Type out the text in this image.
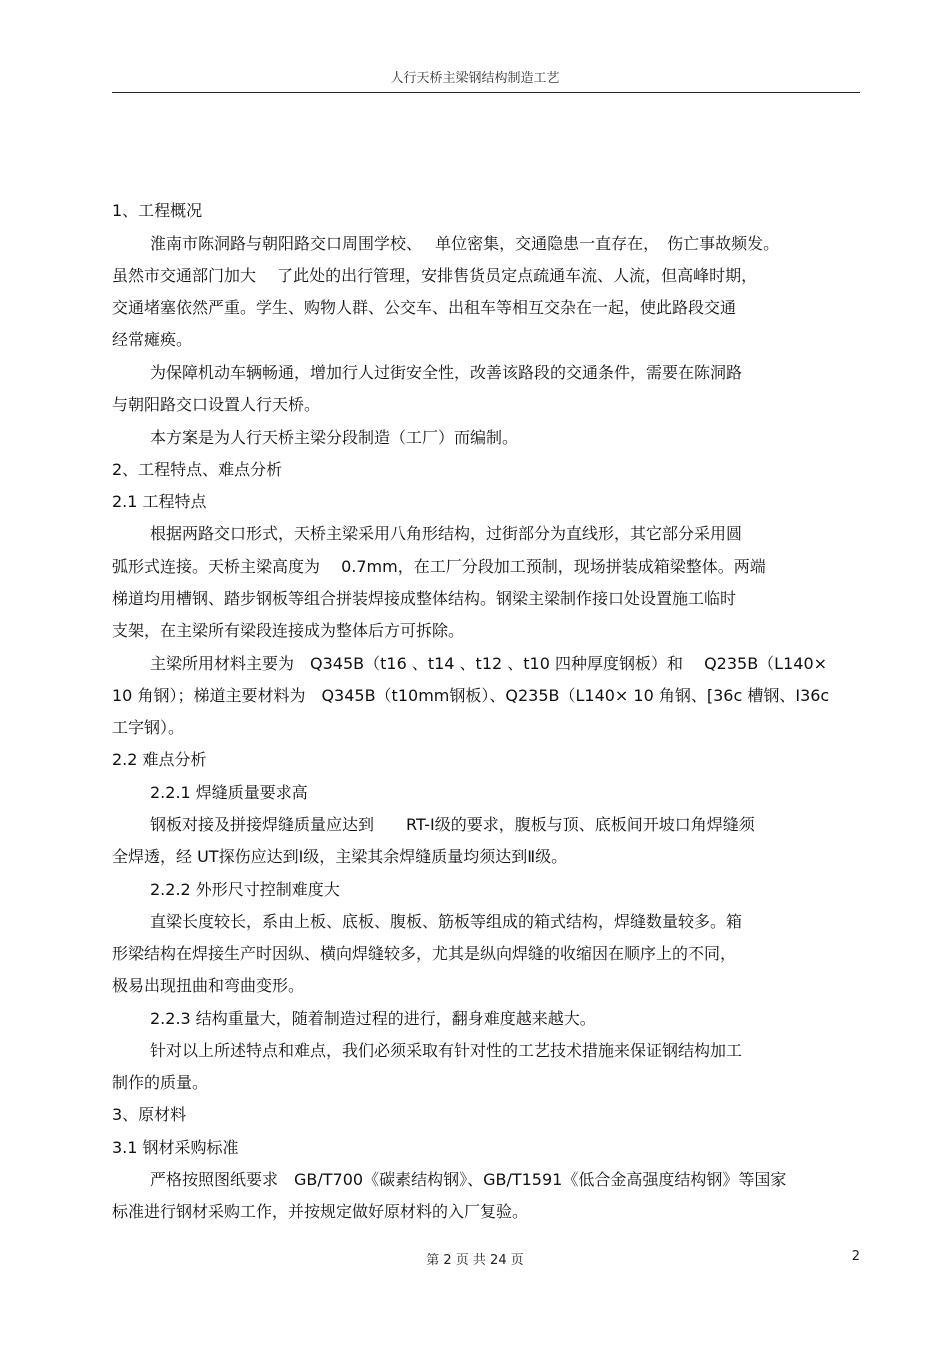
人行天桥主梁钢结构制造工艺
1、工程概况
淮南市陈洞路与朝阳路交口周围学校、　 单位密集，交通隐患一直存在，　伤亡事故频发。
虽然市交通部门加大　 了此处的出行管理，安排售货员定点疏通车流、人流，但高峰时期，
交通堵塞依然严重。学生、购物人群、公交车、出租车等相互交杂在一起，使此路段交通
经常瘫痪。
为保障机动车辆畅通，增加行人过街安全性，改善该路段的交通条件，需要在陈洞路
与朝阳路交口设置人行天桥。
本方案是为人行天桥主梁分段制造（工厂）而编制。
2、工程特点、难点分析
2.1 工程特点
根据两路交口形式，天桥主梁采用八角形结构，过街部分为直线形，其它部分采用圆
弧形式连接。天桥主梁高度为　 0.7mm，在工厂分段加工预制，现场拼装成箱梁整体。两端
梯道均用槽钢、踏步钢板等组合拼装焊接成整体结构。钢梁主梁制作接口处设置施工临时
支架，在主梁所有梁段连接成为整体后方可拆除。
主梁所用材料主要为　Q345B（t16 、t14 、t12 、t10 四种厚度钢板）和　 Q235B（L140×
10 角钢）；梯道主要材料为　Q345B（t10mm钢板）、Q235B（L140× 10 角钢、[36c 槽钢、I36c
工字钢）。
2.2 难点分析
2.2.1 焊缝质量要求高
钢板对接及拼接焊缝质量应达到　　RT-Ⅰ级的要求，腹板与顶、底板间开坡口角焊缝须
全焊透，经 UT探伤应达到Ⅰ级，主梁其余焊缝质量均须达到Ⅱ级。
2.2.2 外形尺寸控制难度大
直梁长度较长，系由上板、底板、腹板、筋板等组成的箱式结构，焊缝数量较多。箱
形梁结构在焊接生产时因纵、横向焊缝较多，尤其是纵向焊缝的收缩因在顺序上的不同，
极易出现扭曲和弯曲变形。
2.2.3 结构重量大，随着制造过程的进行，翻身难度越来越大。
针对以上所述特点和难点，我们必须采取有针对性的工艺技术措施来保证钢结构加工
制作的质量。
3、原材料
3.1 钢材采购标准
严格按照图纸要求　GB/T700《碳素结构钢》、GB/T1591《低合金高强度结构钢》等国家
标准进行钢材采购工作，并按规定做好原材料的入厂复验。
第 2 页 共 24 页	2
